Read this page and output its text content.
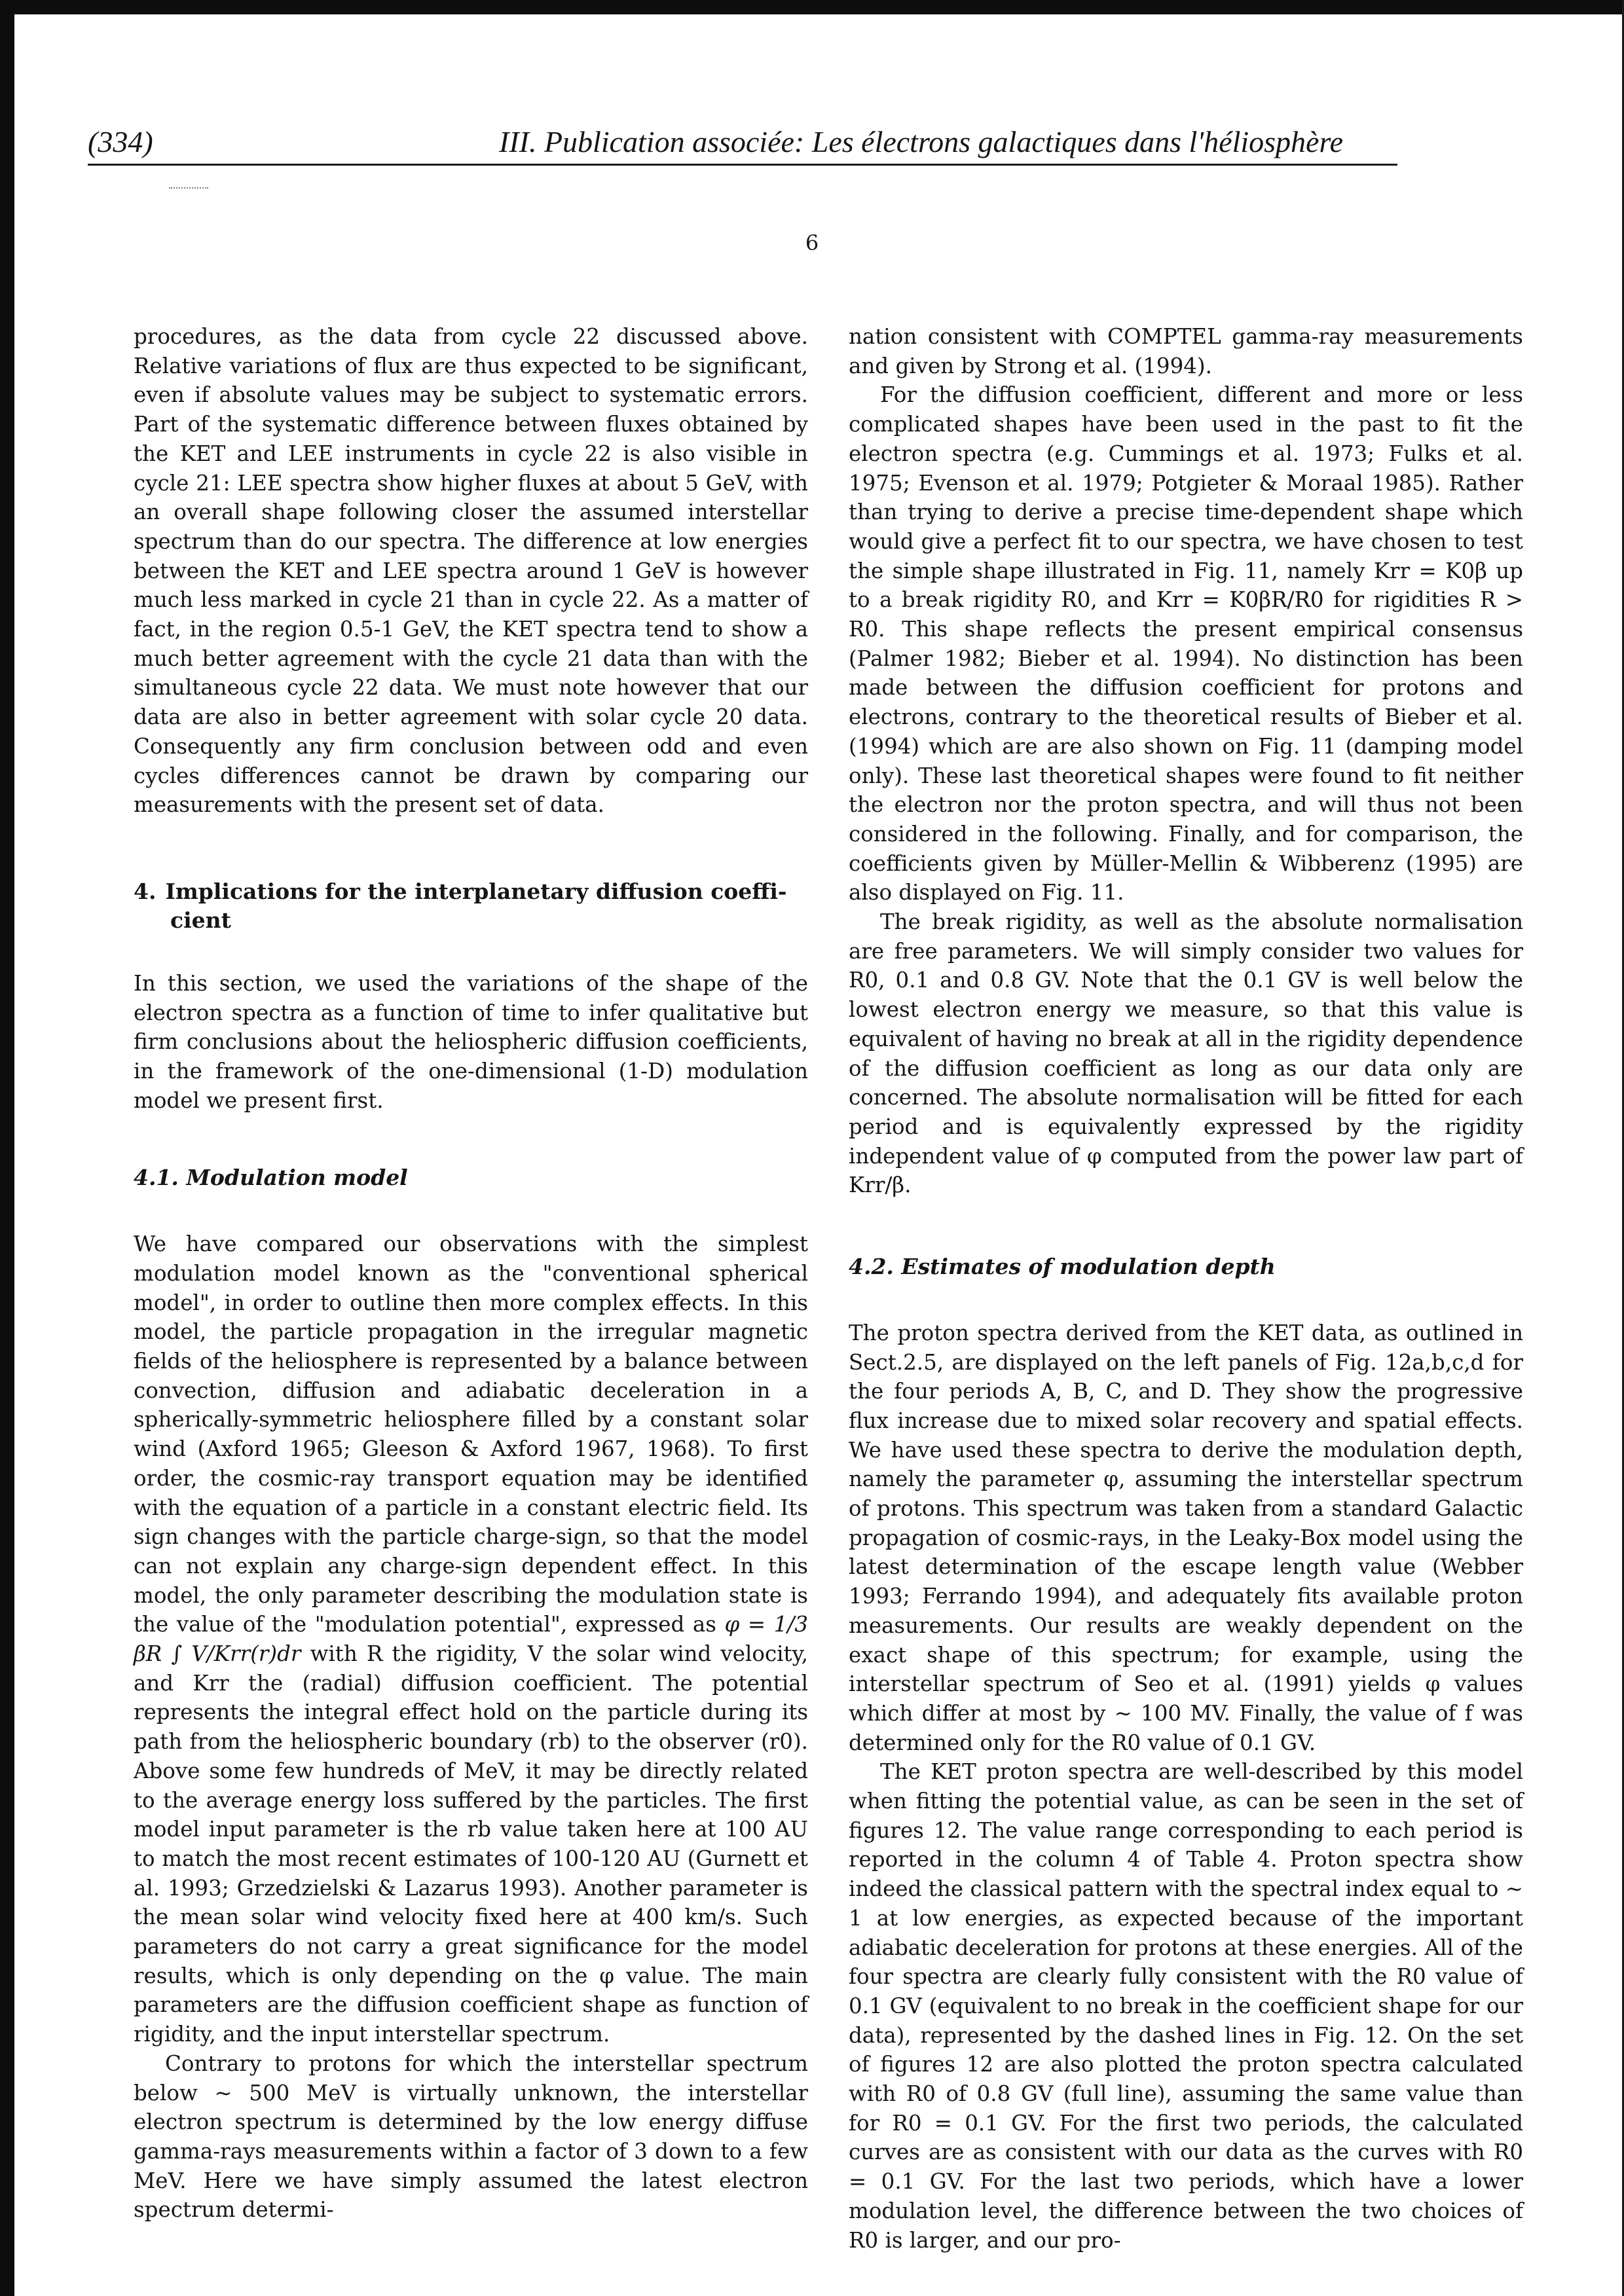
(334)	III. Publication associée: Les électrons galactiques dans l'héliosphère
6

procedures, as the data from cycle 22 discussed above. Relative variations of flux are thus expected to be significant, even if absolute values may be subject to systematic errors. Part of the systematic difference between fluxes obtained by the KET and LEE instruments in cycle 22 is also visible in cycle 21: LEE spectra show higher fluxes at about 5 GeV, with an overall shape following closer the assumed interstellar spectrum than do our spectra. The difference at low energies between the KET and LEE spectra around 1 GeV is however much less marked in cycle 21 than in cycle 22. As a matter of fact, in the region 0.5-1 GeV, the KET spectra tend to show a much better agreement with the cycle 21 data than with the simultaneous cycle 22 data. We must note however that our data are also in better agreement with solar cycle 20 data. Consequently any firm conclusion between odd and even cycles differences cannot be drawn by comparing our measurements with the present set of data.

4. Implications for the interplanetary diffusion coeffi-
cient

In this section, we used the variations of the shape of the electron spectra as a function of time to infer qualitative but firm conclusions about the heliospheric diffusion coefficients, in the framework of the one-dimensional (1-D) modulation model we present first.

4.1. Modulation model

We have compared our observations with the simplest modulation model known as the "conventional spherical model", in order to outline then more complex effects. In this model, the particle propagation in the irregular magnetic fields of the heliosphere is represented by a balance between convection, diffusion and adiabatic deceleration in a spherically-symmetric heliosphere filled by a constant solar wind (Axford 1965; Gleeson & Axford 1967, 1968). To first order, the cosmic-ray transport equation may be identified with the equation of a particle in a constant electric field. Its sign changes with the particle charge-sign, so that the model can not explain any charge-sign dependent effect. In this model, the only parameter describing the modulation state is the value of the "modulation potential", expressed as φ = 1/3 βR ∫ V/Krr(r)dr with R the rigidity, V the solar wind velocity, and Krr the (radial) diffusion coefficient. The potential represents the integral effect hold on the particle during its path from the heliospheric boundary (rb) to the observer (r0). Above some few hundreds of MeV, it may be directly related to the average energy loss suffered by the particles. The first model input parameter is the rb value taken here at 100 AU to match the most recent estimates of 100-120 AU (Gurnett et al. 1993; Grzedzielski & Lazarus 1993). Another parameter is the mean solar wind velocity fixed here at 400 km/s. Such parameters do not carry a great significance for the model results, which is only depending on the φ value. The main parameters are the diffusion coefficient shape as function of rigidity, and the input interstellar spectrum.

Contrary to protons for which the interstellar spectrum below ∼ 500 MeV is virtually unknown, the interstellar electron spectrum is determined by the low energy diffuse gamma-rays measurements within a factor of 3 down to a few MeV. Here we have simply assumed the latest electron spectrum determi-

nation consistent with COMPTEL gamma-ray measurements and given by Strong et al. (1994).

For the diffusion coefficient, different and more or less complicated shapes have been used in the past to fit the electron spectra (e.g. Cummings et al. 1973; Fulks et al. 1975; Evenson et al. 1979; Potgieter & Moraal 1985). Rather than trying to derive a precise time-dependent shape which would give a perfect fit to our spectra, we have chosen to test the simple shape illustrated in Fig. 11, namely Krr = K0β up to a break rigidity R0, and Krr = K0βR/R0 for rigidities R > R0. This shape reflects the present empirical consensus (Palmer 1982; Bieber et al. 1994). No distinction has been made between the diffusion coefficient for protons and electrons, contrary to the theoretical results of Bieber et al. (1994) which are are also shown on Fig. 11 (damping model only). These last theoretical shapes were found to fit neither the electron nor the proton spectra, and will thus not been considered in the following. Finally, and for comparison, the coefficients given by Müller-Mellin & Wibberenz (1995) are also displayed on Fig. 11.

The break rigidity, as well as the absolute normalisation are free parameters. We will simply consider two values for R0, 0.1 and 0.8 GV. Note that the 0.1 GV is well below the lowest electron energy we measure, so that this value is equivalent of having no break at all in the rigidity dependence of the diffusion coefficient as long as our data only are concerned. The absolute normalisation will be fitted for each period and is equivalently expressed by the rigidity independent value of φ computed from the power law part of Krr/β.

4.2. Estimates of modulation depth

The proton spectra derived from the KET data, as outlined in Sect.2.5, are displayed on the left panels of Fig. 12a,b,c,d for the four periods A, B, C, and D. They show the progressive flux increase due to mixed solar recovery and spatial effects. We have used these spectra to derive the modulation depth, namely the parameter φ, assuming the interstellar spectrum of protons. This spectrum was taken from a standard Galactic propagation of cosmic-rays, in the Leaky-Box model using the latest determination of the escape length value (Webber 1993; Ferrando 1994), and adequately fits available proton measurements. Our results are weakly dependent on the exact shape of this spectrum; for example, using the interstellar spectrum of Seo et al. (1991) yields φ values which differ at most by ∼ 100 MV. Finally, the value of f was determined only for the R0 value of 0.1 GV.

The KET proton spectra are well-described by this model when fitting the potential value, as can be seen in the set of figures 12. The value range corresponding to each period is reported in the column 4 of Table 4. Proton spectra show indeed the classical pattern with the spectral index equal to ∼ 1 at low energies, as expected because of the important adiabatic deceleration for protons at these energies. All of the four spectra are clearly fully consistent with the R0 value of 0.1 GV (equivalent to no break in the coefficient shape for our data), represented by the dashed lines in Fig. 12. On the set of figures 12 are also plotted the proton spectra calculated with R0 of 0.8 GV (full line), assuming the same value than for R0 = 0.1 GV. For the first two periods, the calculated curves are as consistent with our data as the curves with R0 = 0.1 GV. For the last two periods, which have a lower modulation level, the difference between the two choices of R0 is larger, and our pro-
